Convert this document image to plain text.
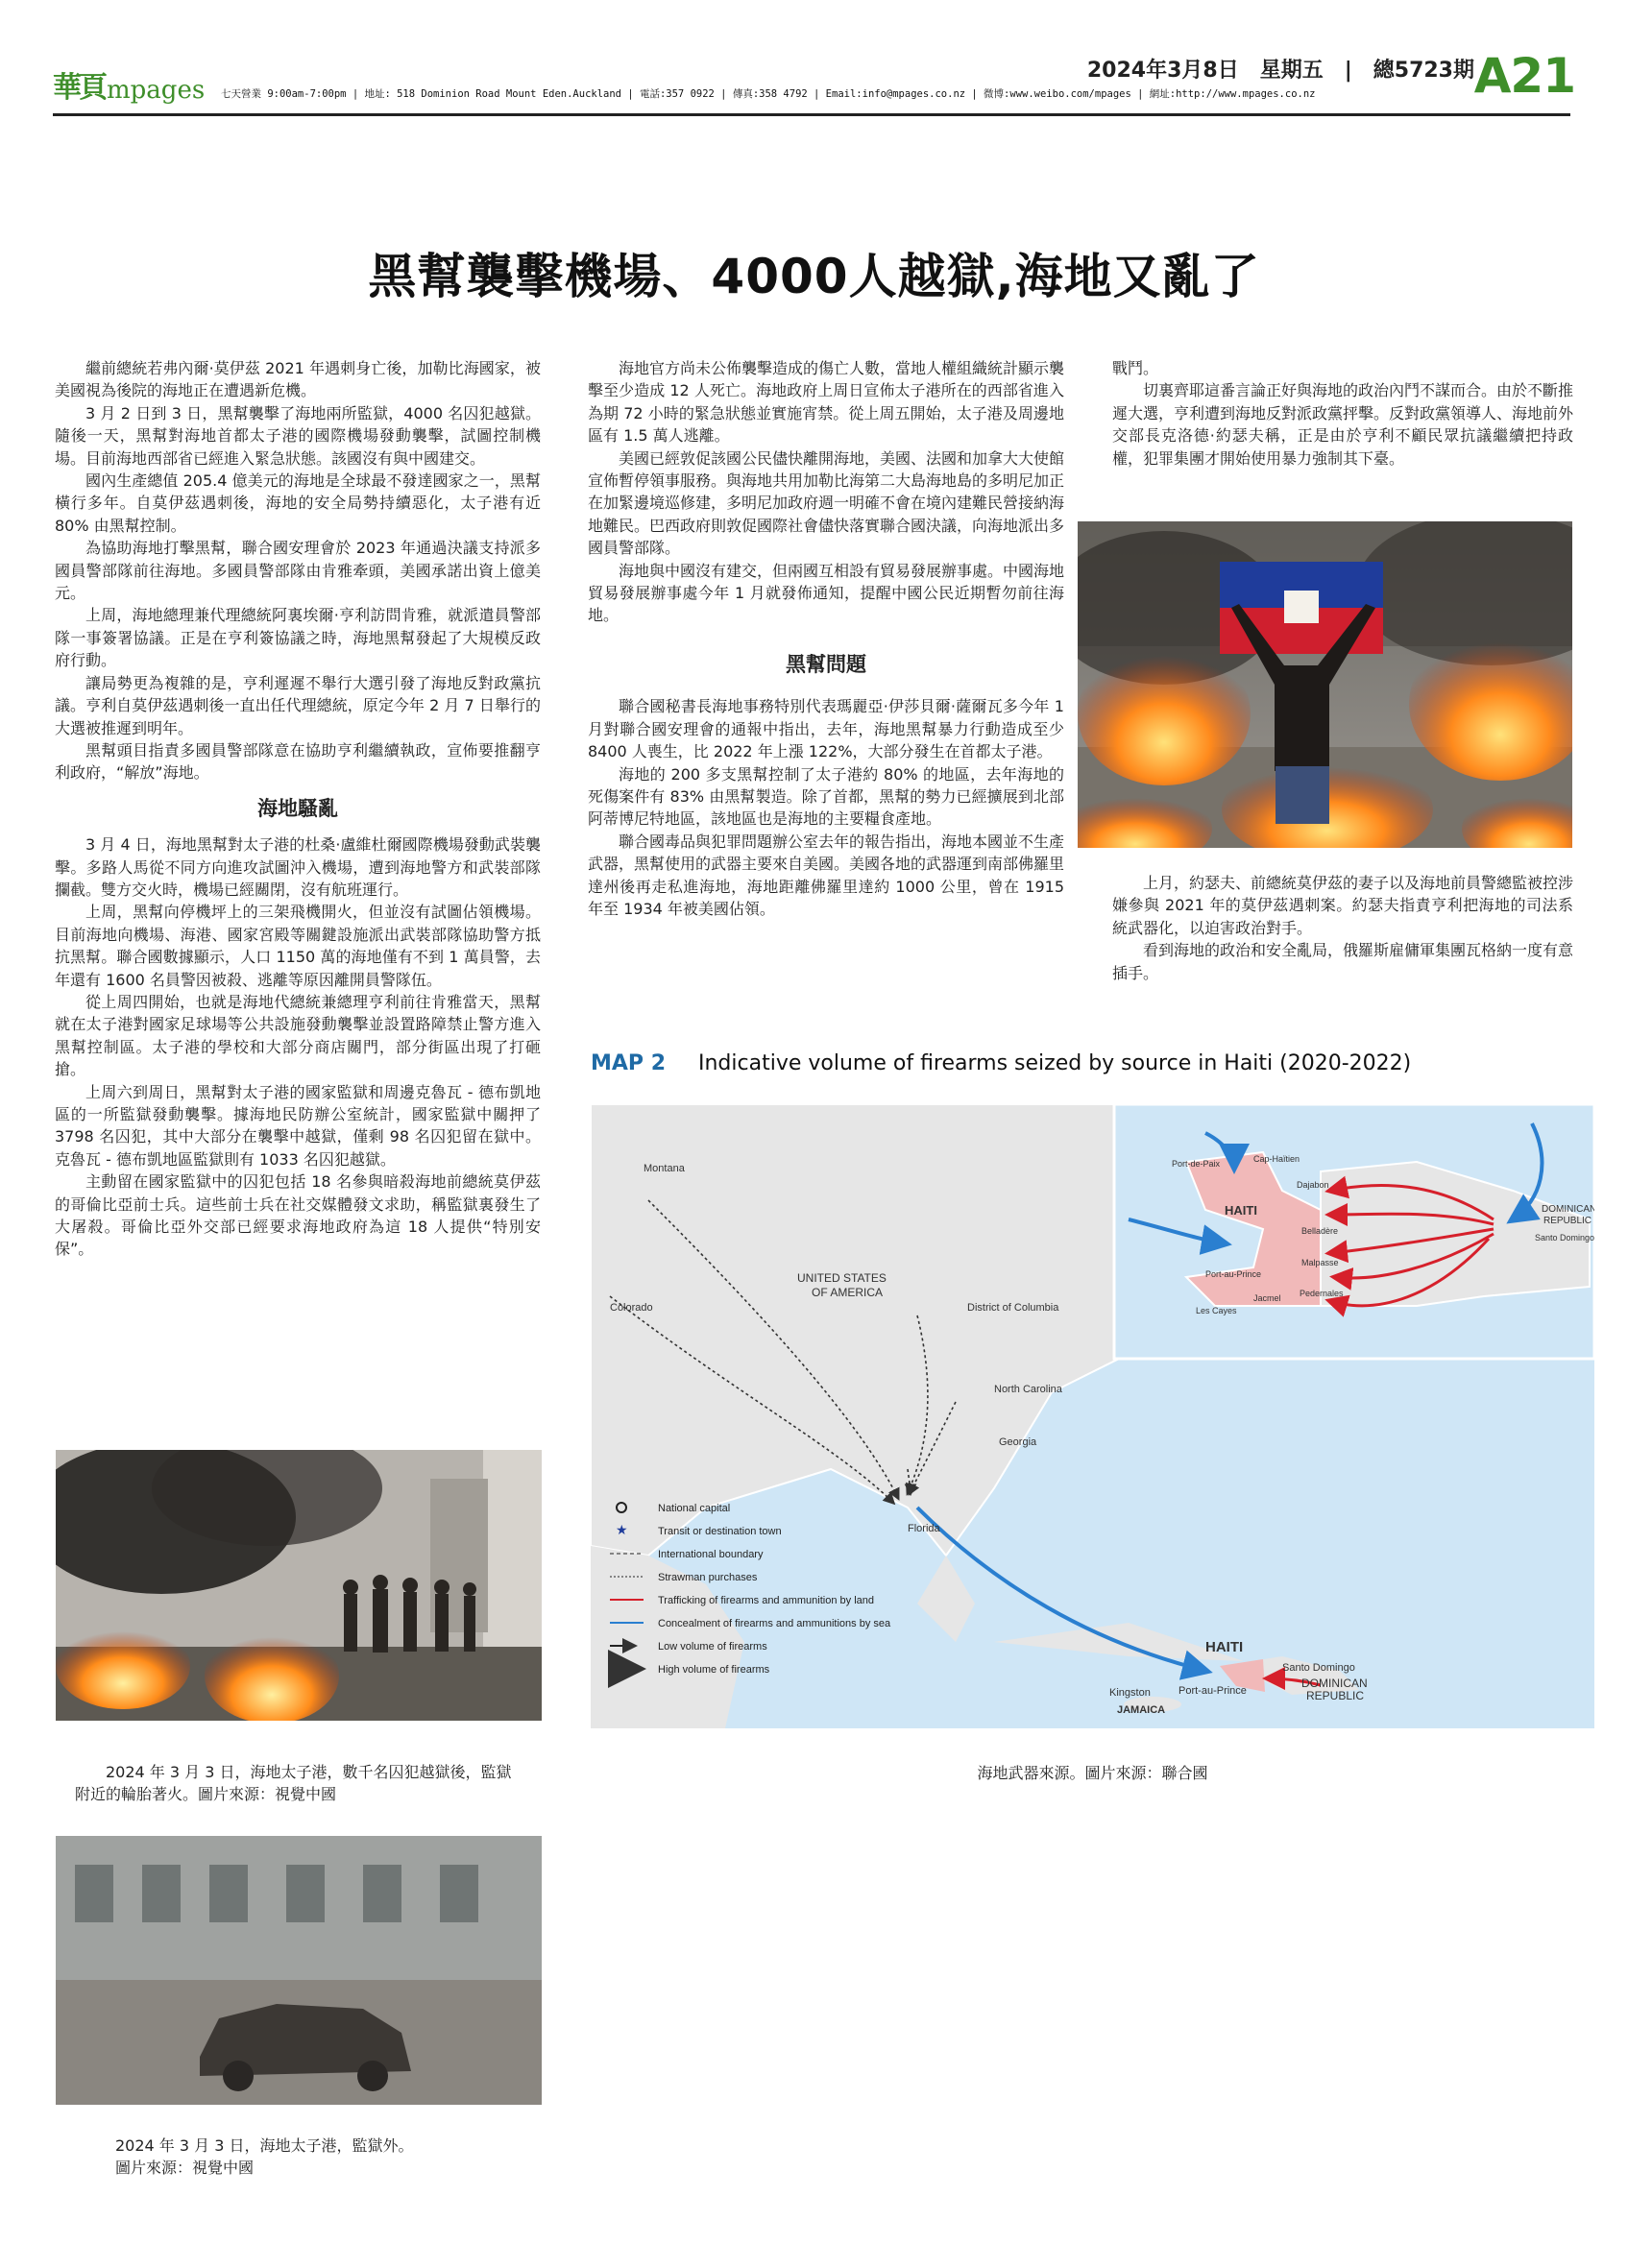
華頁 mpages 七天營業 9:00am-7:00pm | 地址: 518 Dominion Road Mount Eden.Auckland | 電話:357 0922 | 傳真:358 4792 | Email:info@mpages.co.nz | 微博:www.weibo.com/mpages | 網址:http://www.mpages.co.nz
2024年3月8日　星期五　|　總5723期 A21
黑幫襲擊機場、4000人越獄,海地又亂了

繼前總統若弗內爾·莫伊茲 2021 年遇刺身亡後，加勒比海國家，被美國視為後院的海地正在遭遇新危機。

3 月 2 日到 3 日，黑幫襲擊了海地兩所監獄，4000 名囚犯越獄。隨後一天，黑幫對海地首都太子港的國際機場發動襲擊，試圖控制機場。目前海地西部省已經進入緊急狀態。該國沒有與中國建交。

國內生產總值 205.4 億美元的海地是全球最不發達國家之一，黑幫橫行多年。自莫伊茲遇刺後，海地的安全局勢持續惡化，太子港有近 80% 由黑幫控制。

為協助海地打擊黑幫，聯合國安理會於 2023 年通過決議支持派多國員警部隊前往海地。多國員警部隊由肯雅牽頭，美國承諾出資上億美元。

上周，海地總理兼代理總統阿裏埃爾·亨利訪問肯雅，就派遣員警部隊一事簽署協議。正是在亨利簽協議之時，海地黑幫發起了大規模反政府行動。

讓局勢更為複雜的是，亨利遲遲不舉行大選引發了海地反對政黨抗議。亨利自莫伊茲遇刺後一直出任代理總統，原定今年 2 月 7 日舉行的大選被推遲到明年。

黑幫頭目指責多國員警部隊意在協助亨利繼續執政，宣佈要推翻亨利政府，“解放”海地。

海地騷亂

3 月 4 日，海地黑幫對太子港的杜桑·盧維杜爾國際機場發動武裝襲擊。多路人馬從不同方向進攻試圖沖入機場，遭到海地警方和武裝部隊攔截。雙方交火時，機場已經關閉，沒有航班運行。

上周，黑幫向停機坪上的三架飛機開火，但並沒有試圖佔領機場。目前海地向機場、海港、國家宮殿等關鍵設施派出武裝部隊協助警方抵抗黑幫。聯合國數據顯示，人口 1150 萬的海地僅有不到 1 萬員警，去年還有 1600 名員警因被殺、逃離等原因離開員警隊伍。

從上周四開始，也就是海地代總統兼總理亨利前往肯雅當天，黑幫就在太子港對國家足球場等公共設施發動襲擊並設置路障禁止警方進入黑幫控制區。太子港的學校和大部分商店關門，部分街區出現了打砸搶。

上周六到周日，黑幫對太子港的國家監獄和周邊克魯瓦 - 德布凱地區的一所監獄發動襲擊。據海地民防辦公室統計，國家監獄中關押了 3798 名囚犯，其中大部分在襲擊中越獄，僅剩 98 名囚犯留在獄中。克魯瓦 - 德布凱地區監獄則有 1033 名囚犯越獄。

主動留在國家監獄中的囚犯包括 18 名參與暗殺海地前總統莫伊茲的哥倫比亞前士兵。這些前士兵在社交媒體發文求助，稱監獄裏發生了大屠殺。哥倫比亞外交部已經要求海地政府為這 18 人提供“特別安保”。

海地官方尚未公佈襲擊造成的傷亡人數，當地人權組織統計顯示襲擊至少造成 12 人死亡。海地政府上周日宣佈太子港所在的西部省進入為期 72 小時的緊急狀態並實施宵禁。從上周五開始，太子港及周邊地區有 1.5 萬人逃離。

美國已經敦促該國公民儘快離開海地，美國、法國和加拿大大使館宣佈暫停領事服務。與海地共用加勒比海第二大島海地島的多明尼加正在加緊邊境巡修建，多明尼加政府週一明確不會在境內建難民營接納海地難民。巴西政府則敦促國際社會儘快落實聯合國決議，向海地派出多國員警部隊。

海地與中國沒有建交，但兩國互相設有貿易發展辦事處。中國海地貿易發展辦事處今年 1 月就發佈通知，提醒中國公民近期暫勿前往海地。

黑幫問題

聯合國秘書長海地事務特別代表瑪麗亞·伊莎貝爾·薩爾瓦多今年 1 月對聯合國安理會的通報中指出，去年，海地黑幫暴力行動造成至少 8400 人喪生，比 2022 年上漲 122%，大部分發生在首都太子港。

海地的 200 多支黑幫控制了太子港約 80% 的地區，去年海地的死傷案件有 83% 由黑幫製造。除了首都，黑幫的勢力已經擴展到北部阿蒂博尼特地區，該地區也是海地的主要糧食產地。

聯合國毒品與犯罪問題辦公室去年的報告指出，海地本國並不生產武器，黑幫使用的武器主要來自美國。美國各地的武器運到南部佛羅里達州後再走私進海地，海地距離佛羅里達約 1000 公里，曾在 1915 年至 1934 年被美國佔領。

戰鬥。

切裏齊耶這番言論正好與海地的政治內鬥不謀而合。由於不斷推遲大選，亨利遭到海地反對派政黨抨擊。反對政黨領導人、海地前外交部長克洛德·約瑟夫稱，正是由於亨利不顧民眾抗議繼續把持政權，犯罪集團才開始使用暴力強制其下臺。

上月，約瑟夫、前總統莫伊茲的妻子以及海地前員警總監被控涉嫌參與 2021 年的莫伊茲遇刺案。約瑟夫指責亨利把海地的司法系統武器化，以迫害政治對手。

看到海地的政治和安全亂局，俄羅斯雇傭軍集團瓦格納一度有意插手。

2024 年 3 月 3 日，海地太子港，數千名囚犯越獄後，監獄附近的輪胎著火。圖片來源：視覺中國
2024 年 3 月 3 日，海地太子港，監獄外。
圖片來源：視覺中國
MAP 2 Indicative volume of firearms seized by source in Haiti (2020-2022)
Montana
Colorado
UNITED STATES
OF AMERICA
District of Columbia
North Carolina
Georgia
Florida
HAITI
Santo Domingo
DOMINICAN
REPUBLIC
Kingston
JAMAICA
Port-au-Prince
HAITI	DOMINICAN
REPUBLIC
Santo Domingo
Port-de-Paix	Cap-Haïtien
Dajabon
Belladère
Malpasse
Pedernales
Jacmel
Les Cayes
Port-au-Prince
National capital
★	Transit or destination town
International boundary
Strawman purchases
Trafficking of firearms and ammunition by land
Concealment of firearms and ammunitions by sea
Low volume of firearms
High volume of firearms
海地武器來源。圖片來源：聯合國
